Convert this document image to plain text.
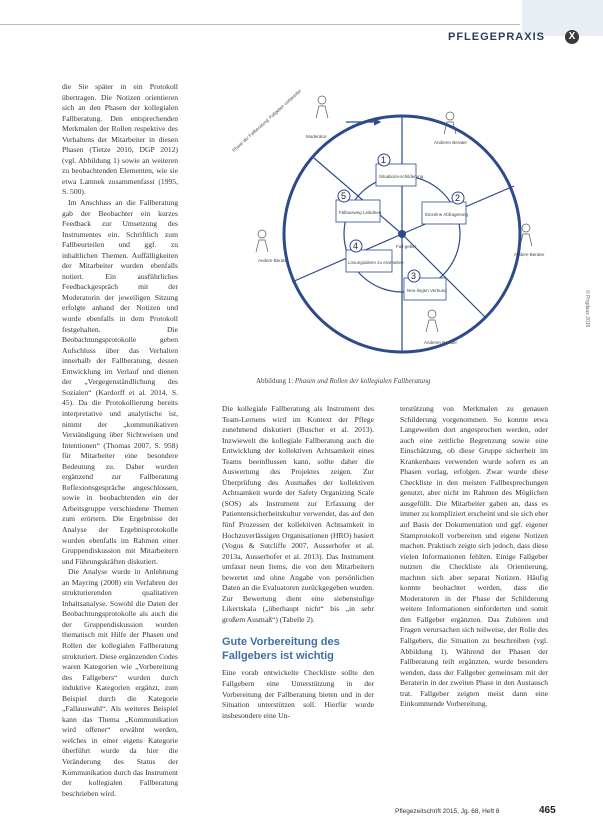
PFLEGEPRAXIS	X

die Sie später in ein Protokoll übertragen. Die Notizen orientieren sich an den Phasen der kollegialen Fallberatung. Den entsprechenden Merkmalen der Rollen respektive des Verhaltens der Mitarbeiter in diesen Phasen (Tietze 2010, DGP 2012) (vgl. Abbildung 1) sowie an weiteren zu beobachtenden Elementen, wie sie etwa Lamnek zusammenfasst (1995, S. 500).

Im Anschluss an die Fallberatung gab der Beobachter ein kurzes Feedback zur Umsetzung des Instrumentes ein. Schriftlich zum Fallbeurteilen und ggf. zu inhaltlichen Themen. Auffälligkeiten der Mitarbeiter wurden ebenfalls notiert. Ein ausführliches Feedbackgespräch mit der Moderatorin der jeweiligen Sitzung erfolgte anhand der Notizen und wurde ebenfalls in dem Protokoll festgehalten. Die Beobachtungsprotokolle geben Aufschluss über das Verhalten innerhalb der Fallberatung, dessen Entwicklung im Verlauf und dienen der „Vergegenständlichung des Sozialen“ (Kardorff et al. 2014, S. 45). Da die Protokollierung bereits interpretative und analytische ist, nimmt der „kommunikativen Verständigung über Sichtweisen und Intentionen“ (Thomas 2007, S. 958) für Mitarbeiter eine besondere Bedeutung zu. Daher wurden ergänzend zur Fallberatung Reflexionsgespräche angeschlossen, sowie in beobachtenden ein der Arbeitsgruppe verschiedene Themen zum erörtern. Die Ergebnisse der Analyse der Ergebnisprotokolle wurden ebenfalls im Rahmen einer Gruppendiskussion mit Mitarbeitern und Führungskräften diskutiert.

Die Analyse wurde in Anlehnung an Mayring (2008) ein Verfahren der strukturierenden qualitativen Inhaltsanalyse. Sowohl die Daten der Beobachtungsprotokolle als auch die der Gruppendiskussion wurden thematisch mit Hilfe der Phasen und Rollen der kollegialen Fallberatung strukturiert. Diese ergänzenden Codes waren Kategorien wie „Vorbereitung des Fallgebers“ wurden durch induktive Kategorien ergänzt, zum Beispiel durch die Kategorie „Fallauswahl“. Als weiteres Beispiel kann das Thema „Kommunikation wird offener“ erwähnt werden, welches in einer eigens Kategorie überführt wurde da hier die Veränderung des Status der Kommunikation durch das Instrument der kollegialen Fallberatung beschrieben wird.

Fall-geber
Moderator
Phase der Fallberatung: Fallgeber vorbereitet
1
Situations-schilderung
2
Einzelne Abfragerung
3
Neu-lingen Verbund
4
Lösungsideen zu erarbeiten
5
Fallausweg Leitideen
Anderen Berater
Andere Berater
Anderen Berater
Andere Berater
© Prigdaus 2015
Abbildung 1: Phasen und Rollen der kollegialen Fallberatung

Die kollegiale Fallberatung als Instrument des Team-Lernens wird im Kontext der Pflege zunehmend diskutiert (Buscher et al. 2013). Inzwiewelt die kollegiale Fallberatung auch die Entwicklung der kollektiven Achtsamkeit eines Teams beeinflussen kann, sollte daher die Auswertung des Projektes zeigen. Zur Überprüfung des Ausmaßes der kollektiven Achtsamkeit wurde der Safety Organizing Scale (SOS) als Instrument zur Erfassung der Patientensicherheitskultur verwendet, das auf den fünf Prozessen der kollektiven Achtsamkeit in Hochzuverlässigen Organisationen (HRO) basiert (Vogus & Sutcliffe 2007, Ausserhofer et al. 2013a, Ausserhofer et al. 2013). Das Instrument umfasst neun Items, die von den Mitarbeitern bewertet und ohne Angabe von persönlichen Daten an die Evaluatoren zurückgegeben wurden. Zur Bewertung dient eine siebenstufige Likertskala („überhaupt nicht“ bis „in sehr großem Ausmaß“) (Tabelle 2).

Gute Vorbereitung des Fallgebers ist wichtig

Eine vorab entwickelte Checkliste sollte den Fallgebern eine Unterstützung in der Vorbereitung der Fallberatung bieten und in der Situation unterstützen soll. Hierfür wurde insbesondere eine Un-

terstützung von Merkmalen zu genauen Schilderung vorgenommen. So konnte etwa Langeweilen dort angesprochen werden, oder auch eine zeitliche Begrenzung sowie eine Einschätzung, ob diese Gruppe sicherheit im Krankenhaus verwenden wurde sofern es an Phasen vorlag, erfolgen. Zwar wurde diese Checkliste in den meisten Fallbesprechungen genutzt, aber nicht im Rahmen des Möglichen ausgefüllt. Die Mitarbeiter gaben an, dass es immer zu kompliziert erscheint und sie sich eher auf Basis der Dokumentation und ggf. eigener Stamprotokoll vorbereiten und eigene Notizen machen. Praktisch zeigte sich jedoch, dass diese vielen Informationen fehlten. Einige Fallgeber nutzten die Checkliste als Orientierung, machten sich aber separat Notizen. Häufig konnte beobachtet werden, dass die Moderatoren in der Phase der Schilderung weitere Informationen einforderten und somit den Fallgeber ergänzten. Das Zuhören und Fragen verursachen sich teilweise, der Rolle des Fallgebers, die Situation zu beschreiben (vgl. Abbildung 1). Während der Phasen der Fallberatung teilt ergänzten, wurde besonders wenden, dass der Fallgeber gemeinsam mit der Beraterin in der zweiten Phase in den Austausch trat. Fallgeber zeigten meist dann eine Einkommende Vorbereitung.

Pflegezeitschrift 2015, Jg. 68, Heft 8	465
